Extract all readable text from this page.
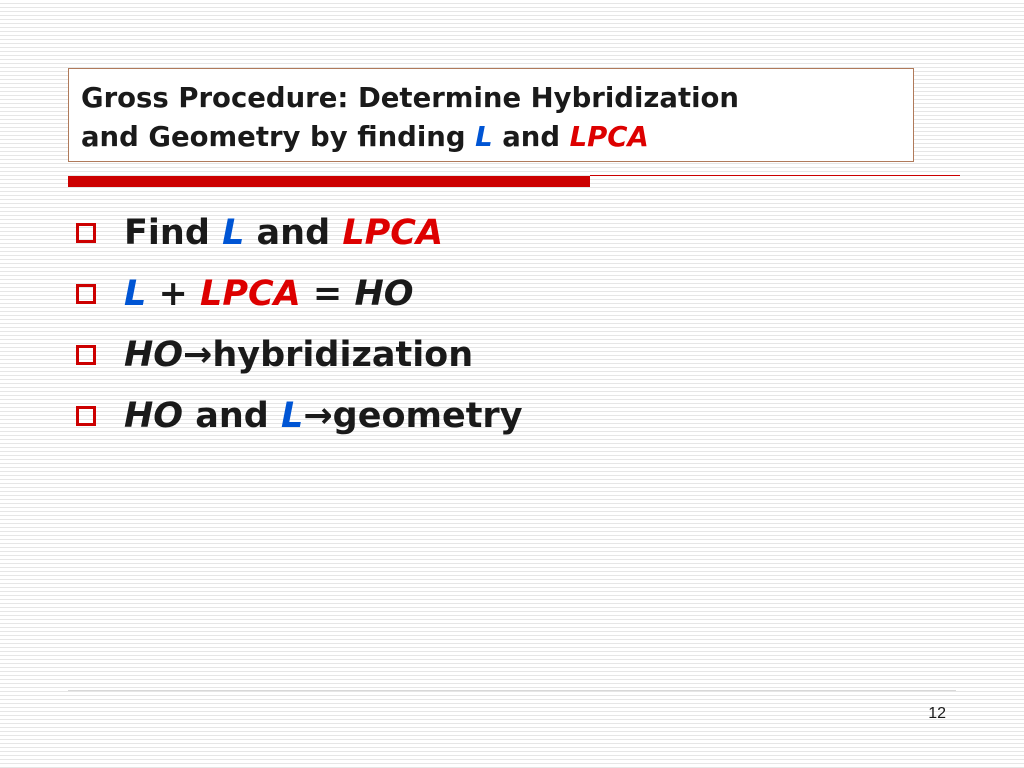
Gross Procedure: Determine Hybridization
and Geometry by finding L and LPCA
Find L and LPCA
L + LPCA = HO
HO→hybridization
HO and L→geometry
12
